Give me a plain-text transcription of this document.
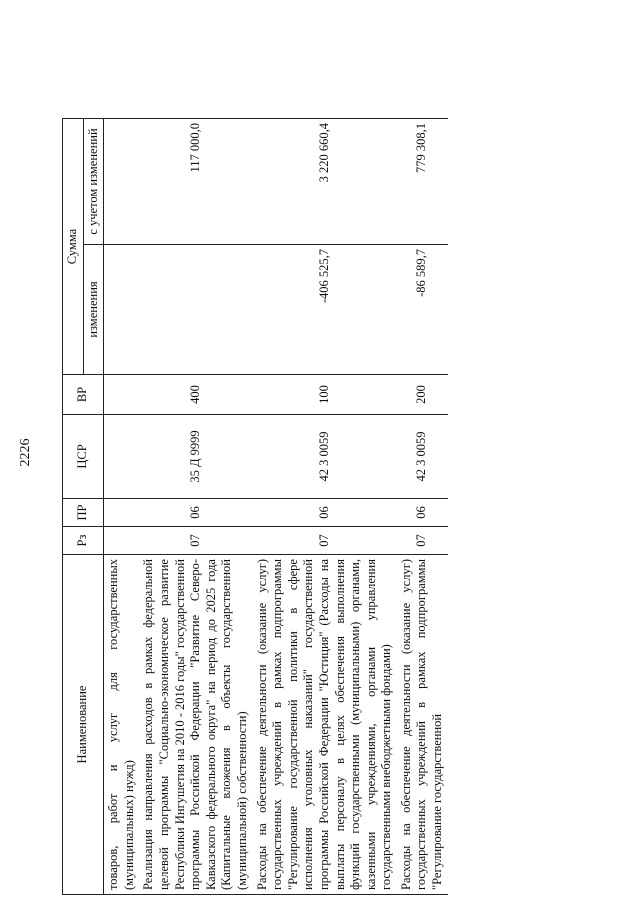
2226
Наименование	Рз	ПР	ЦСР	ВР	Сумма	
					изменения	с учетом изменений
товаров, работ и услуг для государственных (муниципальных) нужд)						
Реализация направления расходов в рамках федеральной целевой программы "Социально-экономическое развитие Республики Ингушетия на 2010 - 2016 годы" государственной программы Российской Федерации "Развитие Северо-Кавказского федерального округа" на период до 2025 года (Капитальные вложения в объекты государственной (муниципальной) собственности)	07	06	35 Д 9999	400		117 000,0
Расходы на обеспечение деятельности (оказание услуг) государственных учреждений в рамках подпрограммы "Регулирование государственной политики в сфере исполнения уголовных наказаний" государственной программы Российской Федерации "Юстиция" (Расходы на выплаты персоналу в целях обеспечения выполнения функций государственными (муниципальными) органами, казенными учреждениями, органами управления государственными внебюджетными фондами)	07	06	42 3 0059	100	-406 525,7	3 220 660,4
Расходы на обеспечение деятельности (оказание услуг) государственных учреждений в рамках подпрограммы "Регулирование государственной	07	06	42 3 0059	200	-86 589,7	779 308,1
